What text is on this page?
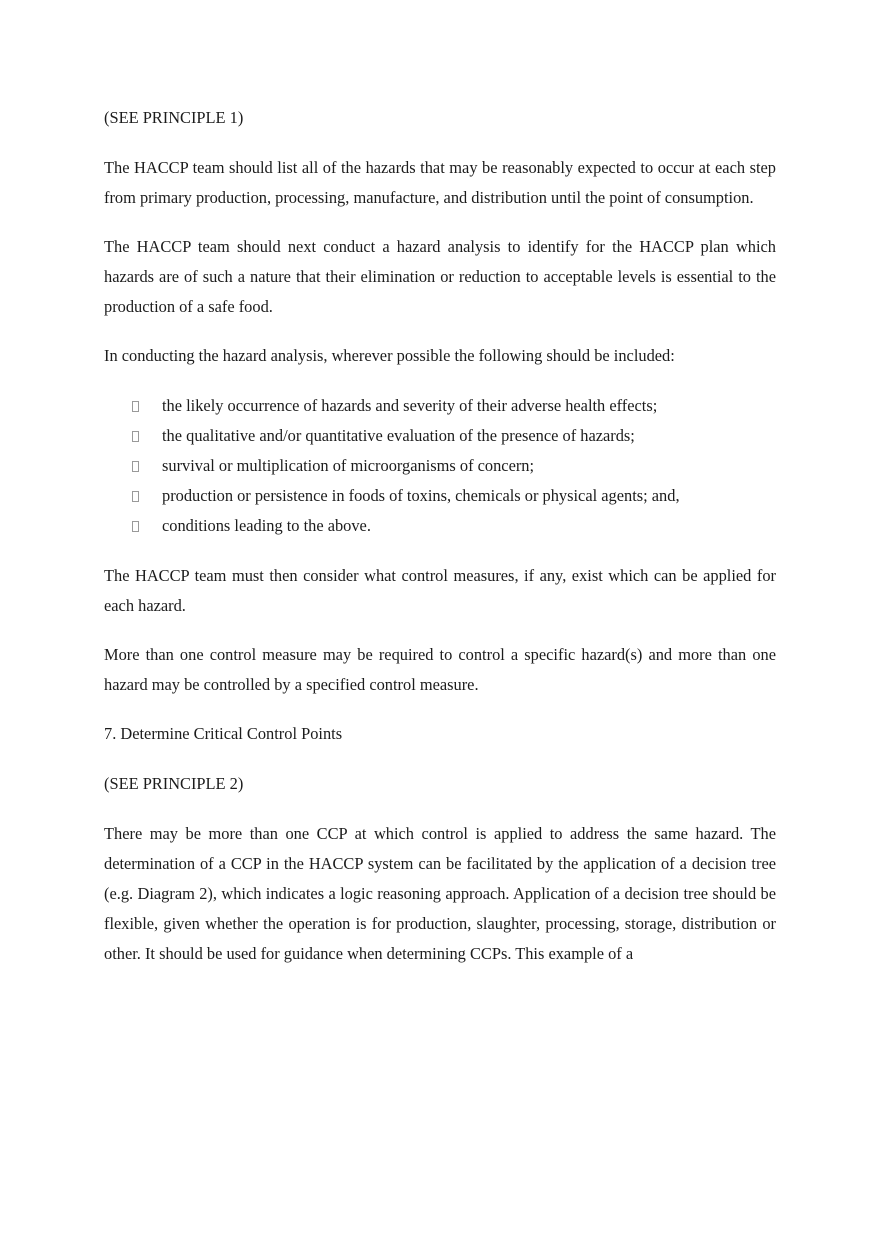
(SEE PRINCIPLE 1)

The HACCP team should list all of the hazards that may be reasonably expected to occur at each step from primary production, processing, manufacture, and distribution until the point of consumption.

The HACCP team should next conduct a hazard analysis to identify for the HACCP plan which hazards are of such a nature that their elimination or reduction to acceptable levels is essential to the production of a safe food.

In conducting the hazard analysis, wherever possible the following should be included:

the likely occurrence of hazards and severity of their adverse health effects;
the qualitative and/or quantitative evaluation of the presence of hazards;
survival or multiplication of microorganisms of concern;
production or persistence in foods of toxins, chemicals or physical agents; and,
conditions leading to the above.

The HACCP team must then consider what control measures, if any, exist which can be applied for each hazard.

More than one control measure may be required to control a specific hazard(s) and more than one hazard may be controlled by a specified control measure.

7. Determine Critical Control Points

(SEE PRINCIPLE 2)

There may be more than one CCP at which control is applied to address the same hazard. The determination of a CCP in the HACCP system can be facilitated by the application of a decision tree (e.g. Diagram 2), which indicates a logic reasoning approach. Application of a decision tree should be flexible, given whether the operation is for production, slaughter, processing, storage, distribution or other. It should be used for guidance when determining CCPs. This example of a
